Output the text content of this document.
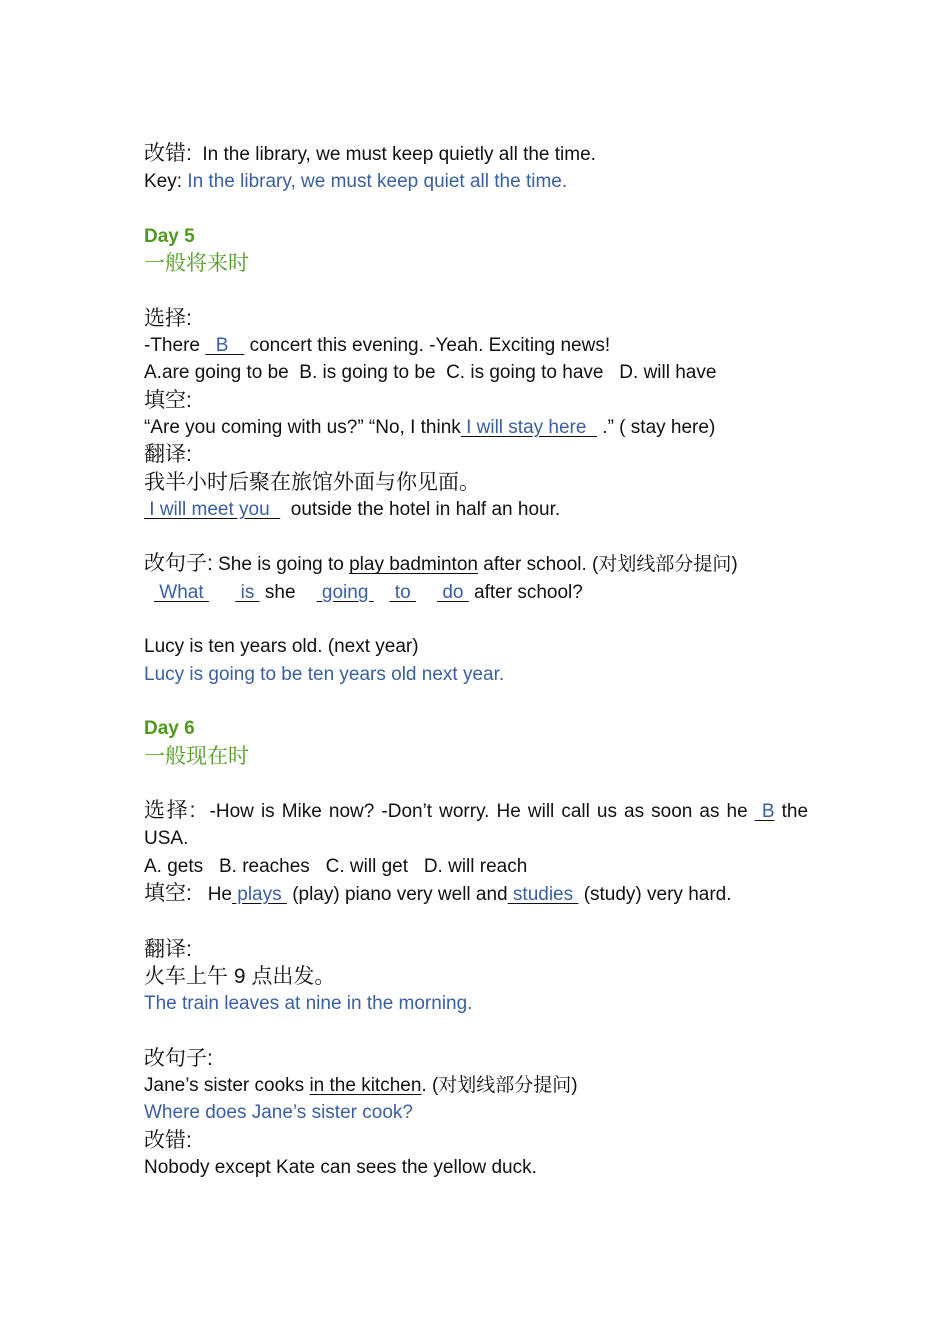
改错: In the library, we must keep quietly all the time.
Key: In the library, we must keep quiet all the time.
Day 5
一般将来时
选择:
-There   B    concert this evening. -Yeah. Exciting news!
A.are going to be  B. is going to be  C. is going to have   D. will have
填空:
“Are you coming with us?” “No, I think I will stay here   .” ( stay here)
翻译:
我半小时后聚在旅馆外面与你见面。
I will meet you    outside the hotel in half an hour.
改句子: She is going to play badminton after school. (对划线部分提问)
What       is  she     going     to      do  after school?
Lucy is ten years old. (next year)
Lucy is going to be ten years old next year.
Day 6
一般现在时
选择: -How is Mike now? -Don’t worry. He will call us as soon as he  B the USA.
A. gets   B. reaches   C. will get   D. will reach
填空: He plays  (play) piano very well and studies  (study) very hard.
翻译:
火车上午 9 点出发。
The train leaves at nine in the morning.
改句子:
Jane’s sister cooks in the kitchen. (对划线部分提问)
Where does Jane’s sister cook?
改错:
Nobody except Kate can sees the yellow duck.
